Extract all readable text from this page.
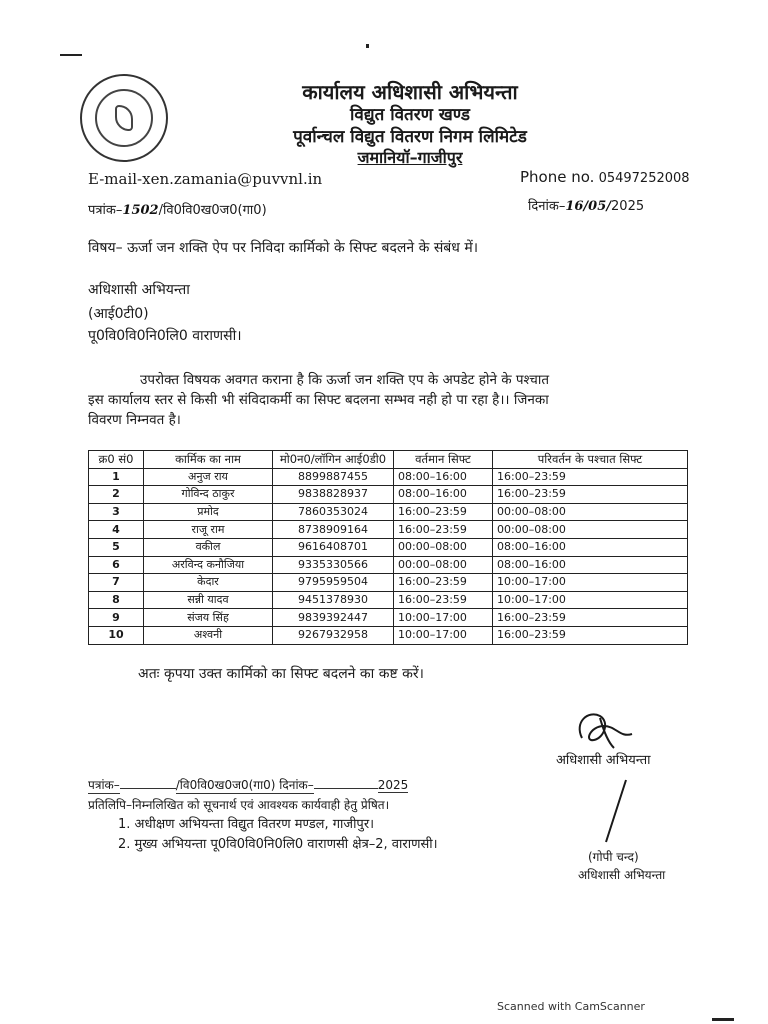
कार्यालय अधिशासी अभियन्ता
विद्युत वितरण खण्ड
पूर्वान्चल विद्युत वितरण निगम लिमिटेड
जमानियॉ–गाजीपुर
E-mail-xen.zamania@puvvnl.in	Phone no. 05497252008
पत्रांक–1502/वि0वि0ख0ज0(गा0)	दिनांक–16/05/2025
विषय– ऊर्जा जन शक्ति ऐप पर निविदा कार्मिको के सिफ्ट बदलने के संबंध में।
अधिशासी अभियन्ता
(आई0टी0)
पू0वि0वि0नि0लि0 वाराणसी।
उपरोक्त विषयक अवगत कराना है कि ऊर्जा जन शक्ति एप के अपडेट होने के पश्चात
इस कार्यालय स्तर से किसी भी संविदाकर्मी का सिफ्ट बदलना सम्भव नही हो पा रहा है।। जिनका
विवरण निम्नवत है।
क्र0 सं0	कार्मिक का नाम	मो0न0/लॉगिन आई0डी0	वर्तमान सिफ्ट	परिवर्तन के पश्चात सिफ्ट
1	अनुज राय	8899887455	08:00–16:00	16:00–23:59
2	गोविन्द ठाकुर	9838828937	08:00–16:00	16:00–23:59
3	प्रमोद	7860353024	16:00–23:59	00:00–08:00
4	राजू राम	8738909164	16:00–23:59	00:00–08:00
5	वकील	9616408701	00:00–08:00	08:00–16:00
6	अरविन्द कनौजिया	9335330566	00:00–08:00	08:00–16:00
7	केदार	9795959504	16:00–23:59	10:00–17:00
8	सन्नी यादव	9451378930	16:00–23:59	10:00–17:00
9	संजय सिंह	9839392447	10:00–17:00	16:00–23:59
10	अश्वनी	9267932958	10:00–17:00	16:00–23:59
अतः कृपया उक्त कार्मिको का सिफ्ट बदलने का कष्ट करें।
अधिशासी अभियन्ता
पत्रांक–	/वि0वि0ख0ज0(गा0) दिनांक–	2025
प्रतिलिपि–निम्नलिखित को सूचनार्थ एवं आवश्यक कार्यवाही हेतु प्रेषित।
1. अधीक्षण अभियन्ता विद्युत वितरण मण्डल, गाजीपुर।
2. मुख्य अभियन्ता पू0वि0वि0नि0लि0 वाराणसी क्षेत्र–2, वाराणसी।
(गोपी चन्द)
अधिशासी अभियन्ता
Scanned with CamScanner
